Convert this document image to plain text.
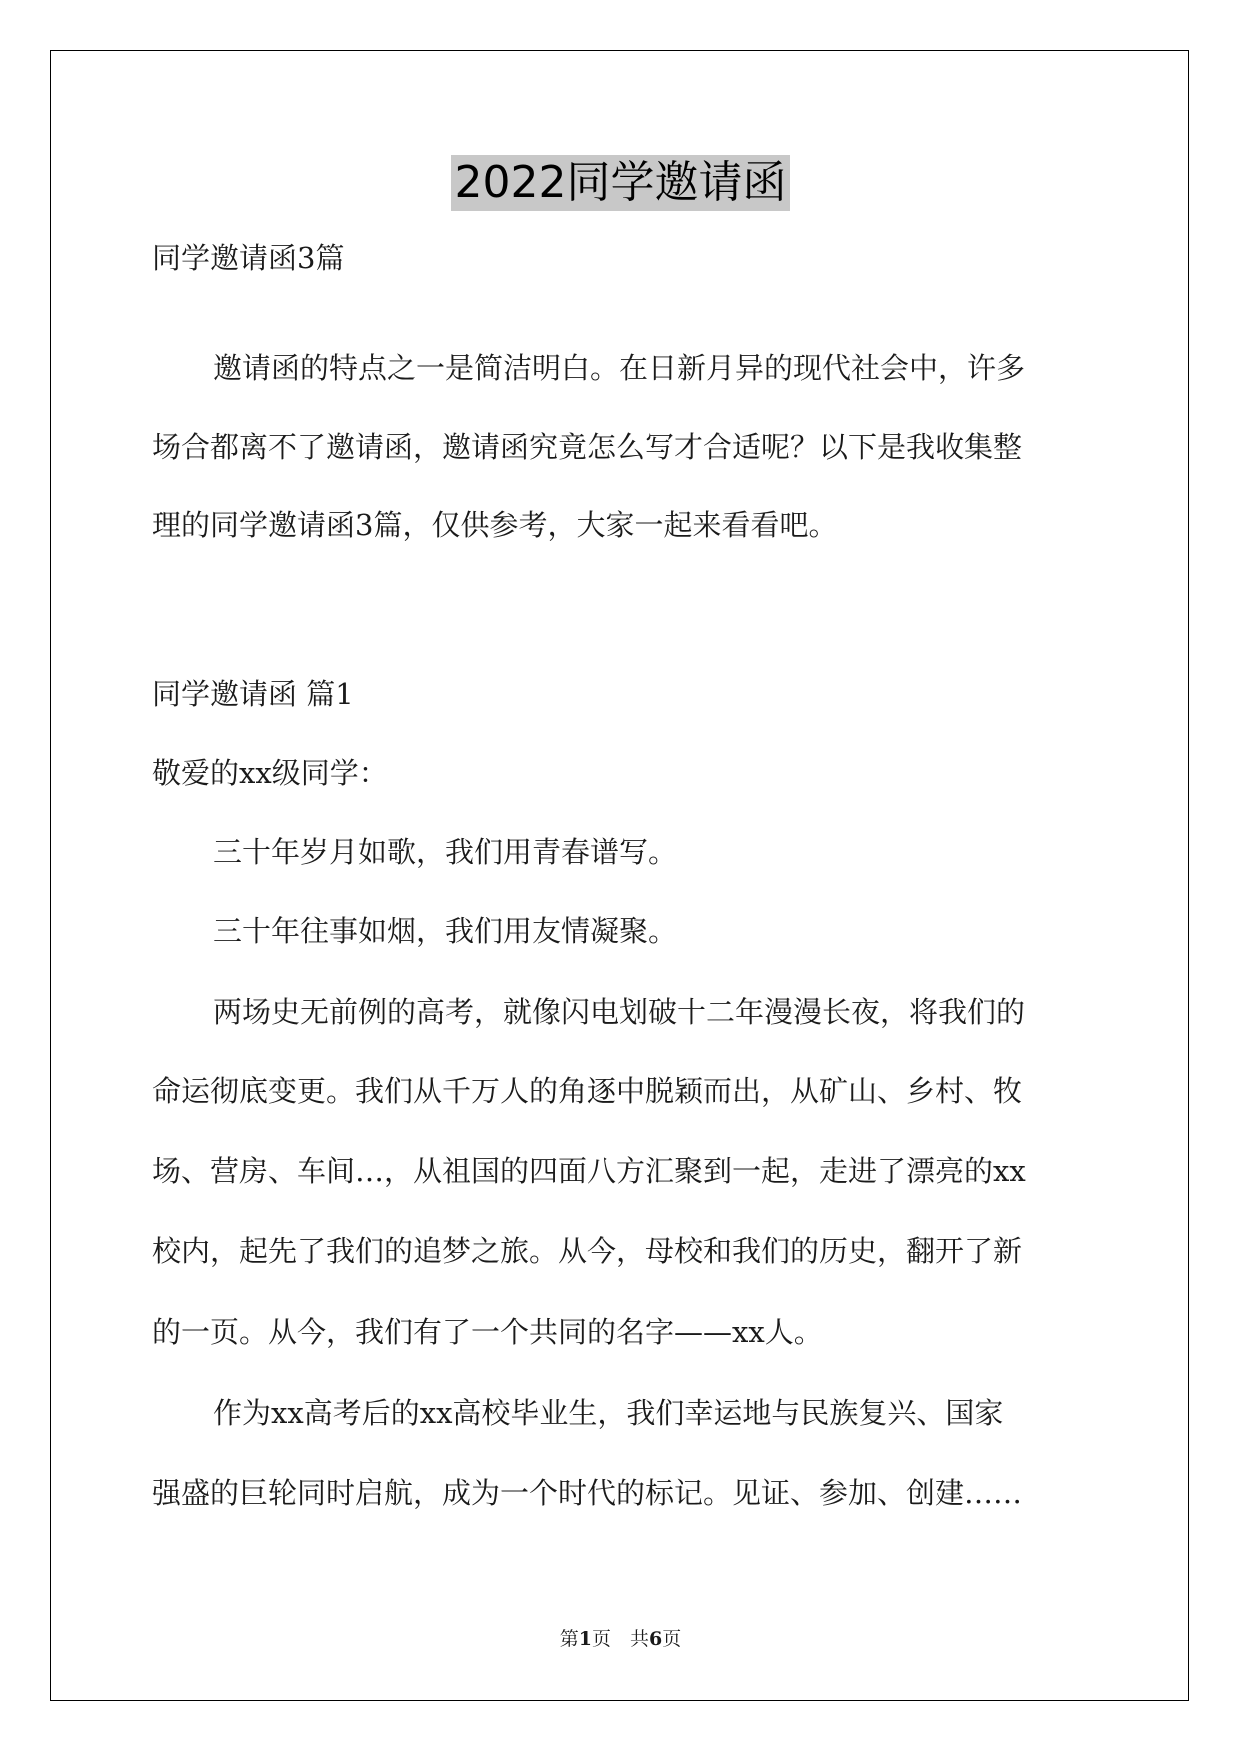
2022同学邀请函
同学邀请函3篇
邀请函的特点之一是简洁明白。在日新月异的现代社会中，许多
场合都离不了邀请函，邀请函究竟怎么写才合适呢？以下是我收集整
理的同学邀请函3篇，仅供参考，大家一起来看看吧。
同学邀请函 篇1
敬爱的xx级同学：
三十年岁月如歌，我们用青春谱写。
三十年往事如烟，我们用友情凝聚。
两场史无前例的高考，就像闪电划破十二年漫漫长夜，将我们的
命运彻底变更。我们从千万人的角逐中脱颖而出，从矿山、乡村、牧
场、营房、车间…，从祖国的四面八方汇聚到一起，走进了漂亮的xx
校内，起先了我们的追梦之旅。从今，母校和我们的历史，翻开了新
的一页。从今，我们有了一个共同的名字——xx人。
作为xx高考后的xx高校毕业生，我们幸运地与民族复兴、国家
强盛的巨轮同时启航，成为一个时代的标记。见证、参加、创建……
第1页　共6页
